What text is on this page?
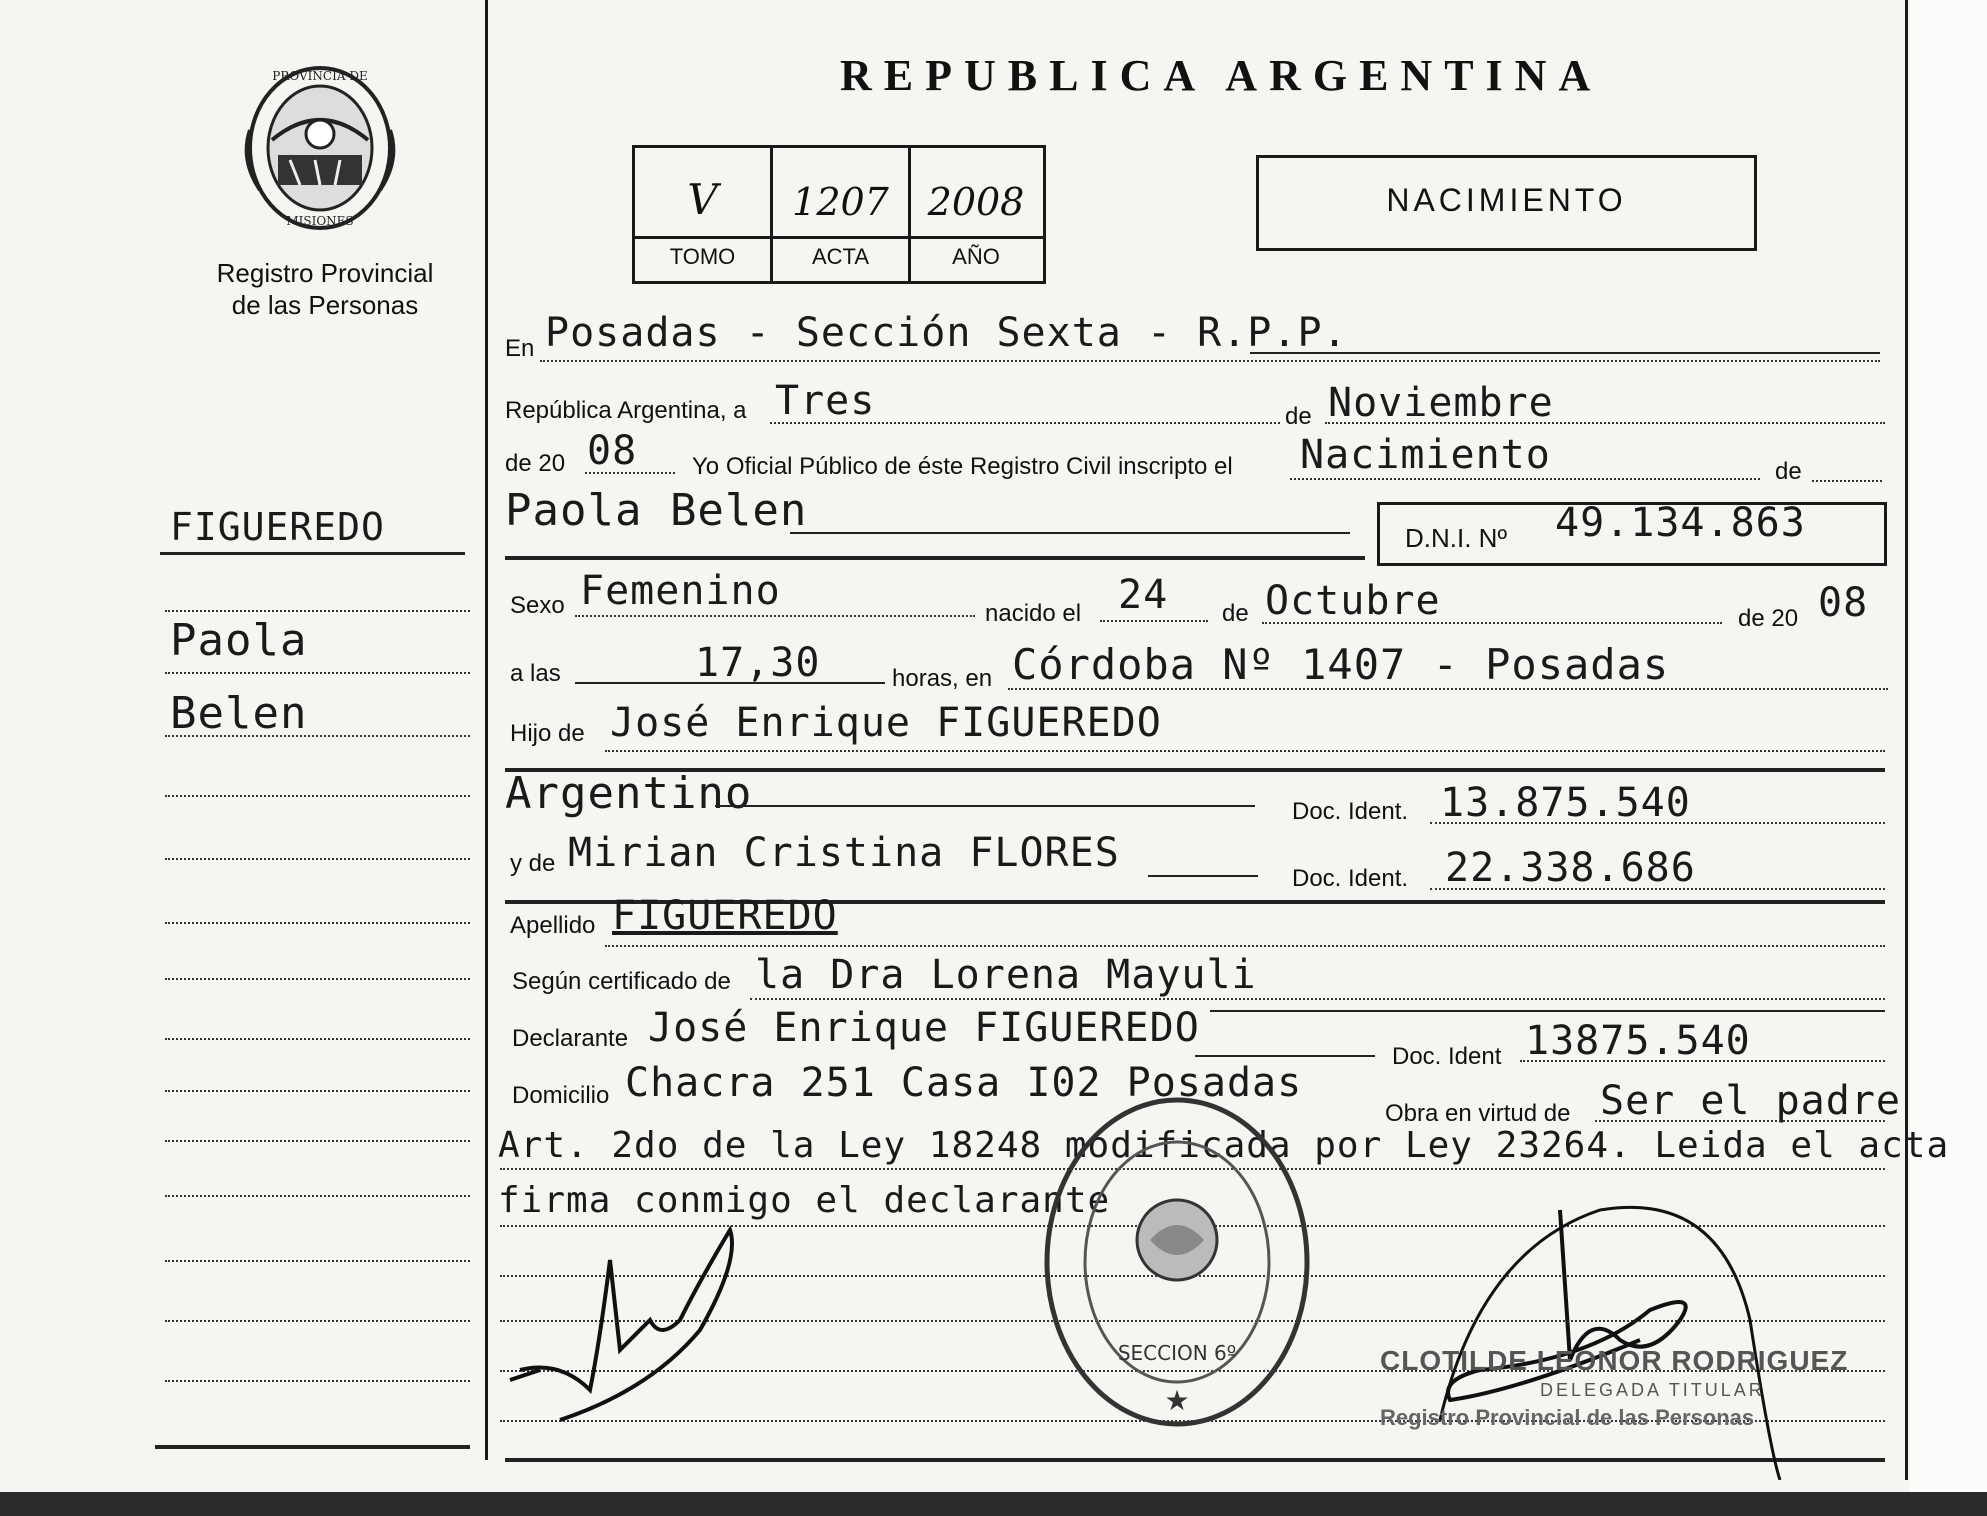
PROVINCIA DE
MISIONES
Registro Provincial
de las Personas
FIGUEREDO
Paola
Belen
REPUBLICA ARGENTINA
V	1207	2008
TOMO	ACTA	AÑO
NACIMIENTO
En Posadas - Sección Sexta - R.P.P.
República Argentina, a Tres	de Noviembre
de 20 08 Yo Oficial Público de éste Registro Civil inscripto el Nacimiento	de
Paola Belen
D.N.I. Nº 49.134.863
Sexo Femenino	nacido el 24 de Octubre	de 20 08
a las	17,30	horas, en Córdoba Nº 1407 - Posadas
Hijo de José Enrique FIGUEREDO
Argentino	Doc. Ident. 13.875.540
y de Mirian Cristina FLORES
Doc. Ident. 22.338.686
Apellido FIGUEREDO
Según certificado de la Dra Lorena Mayuli
Declarante José Enrique FIGUEREDO
Doc. Ident 13875.540
Domicilio Chacra 251 Casa I02 Posadas
Obra en virtud de Ser el padre
Art. 2do de la Ley 18248 modificada por Ley 23264. Leida el acta
firma conmigo el declarante
SECCION 6º
★
CLOTILDE LEONOR RODRIGUEZ
DELEGADA TITULAR
Registro Provincial de las Personas
